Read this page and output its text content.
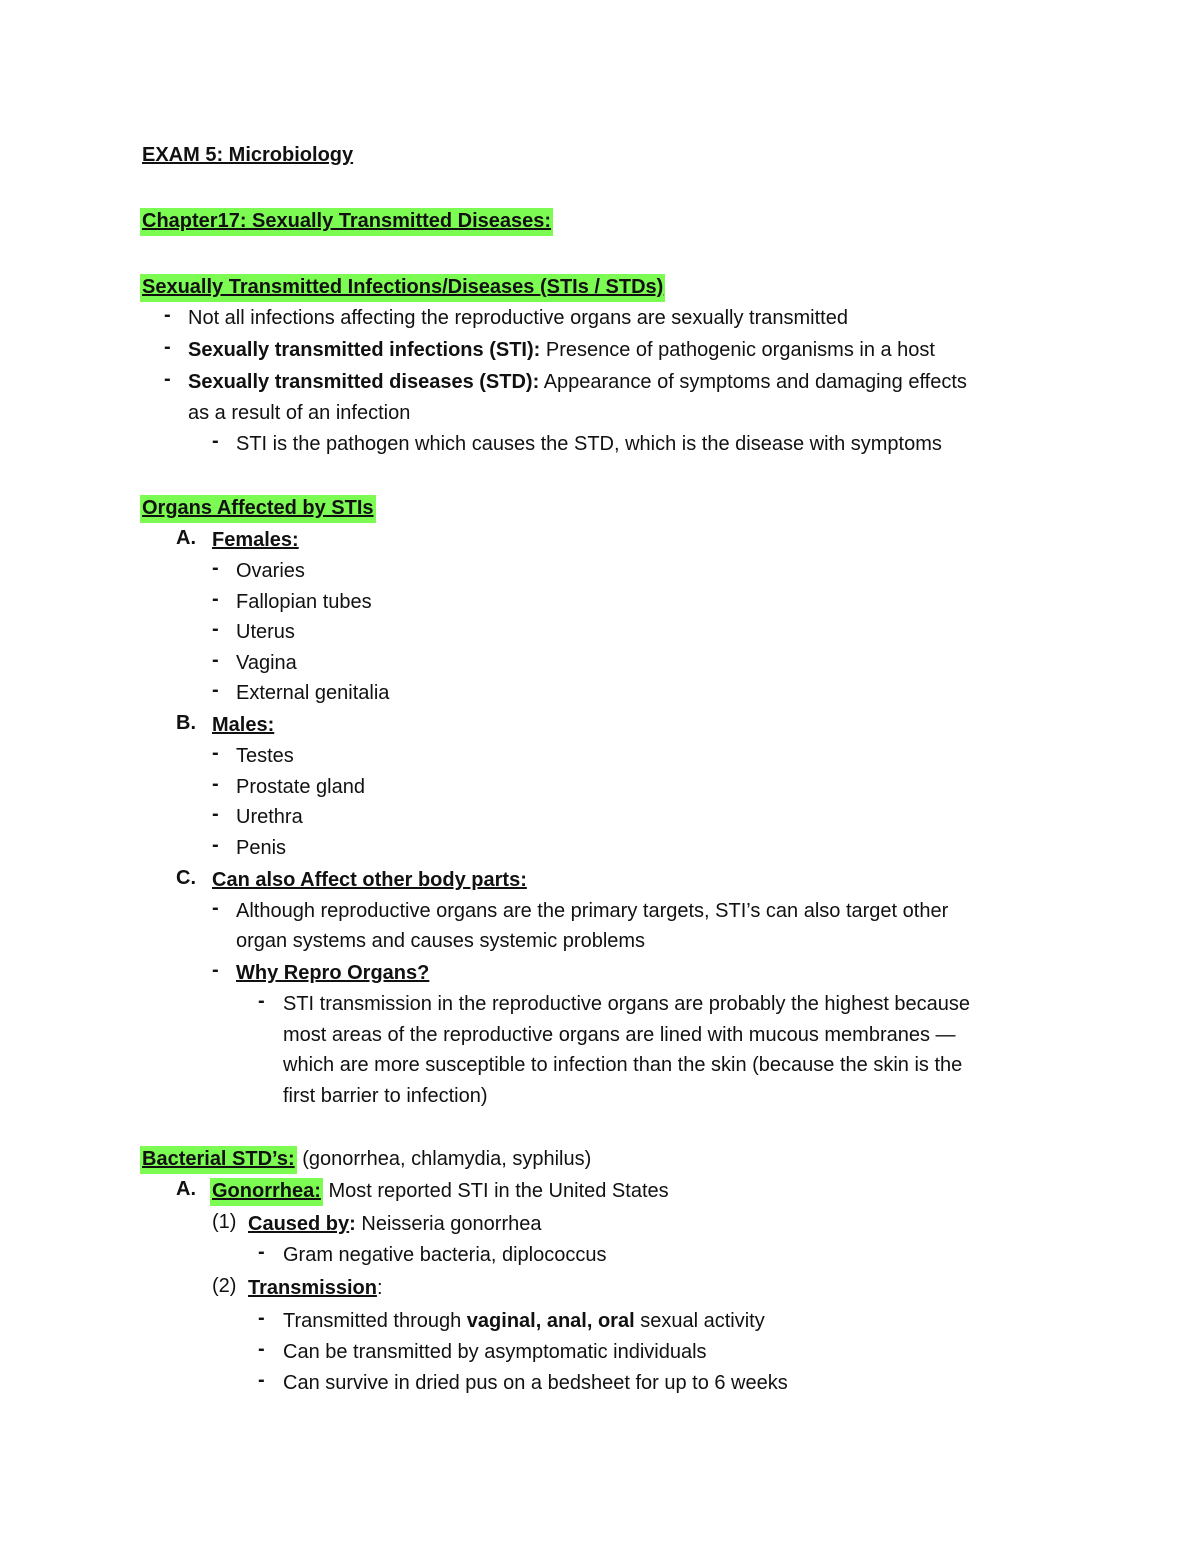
EXAM 5: Microbiology
Chapter17: Sexually Transmitted Diseases:
Sexually Transmitted Infections/Diseases (STIs / STDs)
- Not all infections affecting the reproductive organs are sexually transmitted
- Sexually transmitted infections (STI): Presence of pathogenic organisms in a host
- Sexually transmitted diseases (STD): Appearance of symptoms and damaging effects
as a result of an infection
- STI is the pathogen which causes the STD, which is the disease with symptoms
Organs Affected by STIs
A. Females:
- Ovaries
- Fallopian tubes
- Uterus
- Vagina
- External genitalia
B. Males:
- Testes
- Prostate gland
- Urethra
- Penis
C. Can also Affect other body parts:
- Although reproductive organs are the primary targets, STI’s can also target other
organ systems and causes systemic problems
- Why Repro Organs?
- STI transmission in the reproductive organs are probably the highest because
most areas of the reproductive organs are lined with mucous membranes —
which are more susceptible to infection than the skin (because the skin is the
first barrier to infection)
Bacterial STD’s: (gonorrhea, chlamydia, syphilus)
A. Gonorrhea: Most reported STI in the United States
(1) Caused by: Neisseria gonorrhea
- Gram negative bacteria, diplococcus
(2) Transmission:
- Transmitted through vaginal, anal, oral sexual activity
- Can be transmitted by asymptomatic individuals
- Can survive in dried pus on a bedsheet for up to 6 weeks
